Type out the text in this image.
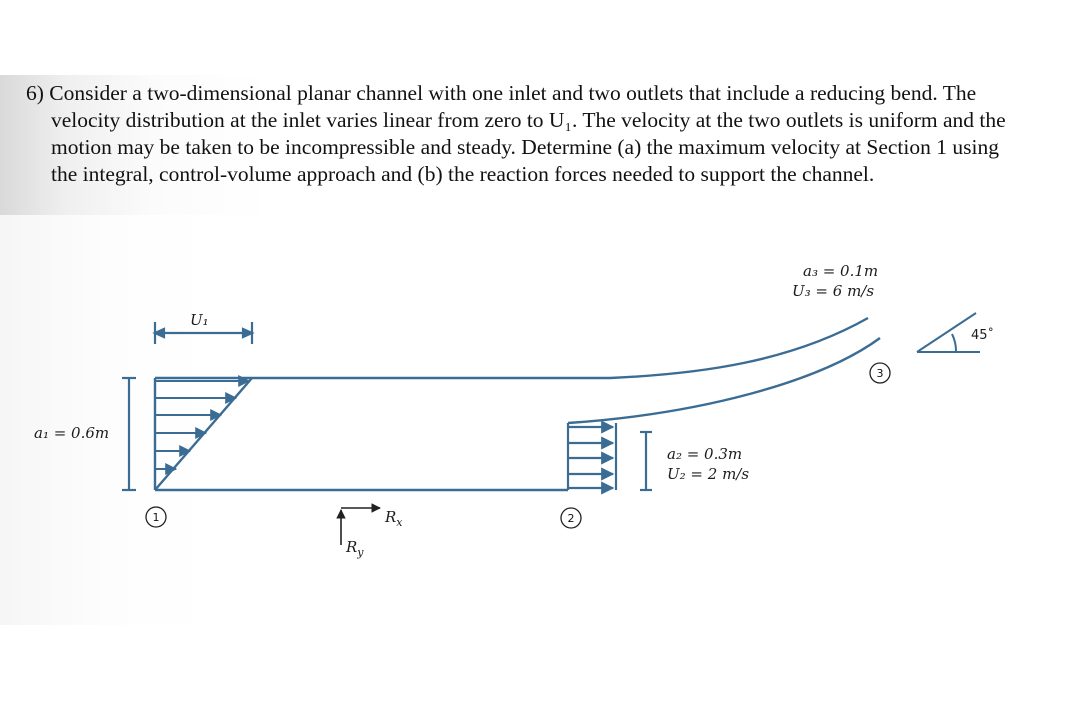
6) Consider a two-dimensional planar channel with one inlet and two outlets that include a reducing bend. The
velocity distribution at the inlet varies linear from zero to U₁. The velocity at the two outlets is uniform and the
motion may be taken to be incompressible and steady. Determine (a) the maximum velocity at Section 1 using
the integral, control-volume approach and (b) the reaction forces needed to support the channel.
45˚
$R_x$
$R_y$
1	2
3
U₁
a₁ = 0.6m
a₃ = 0.1m
U₃ = 6 m/s
a₂ = 0.3m
U₂ = 2 m/s
